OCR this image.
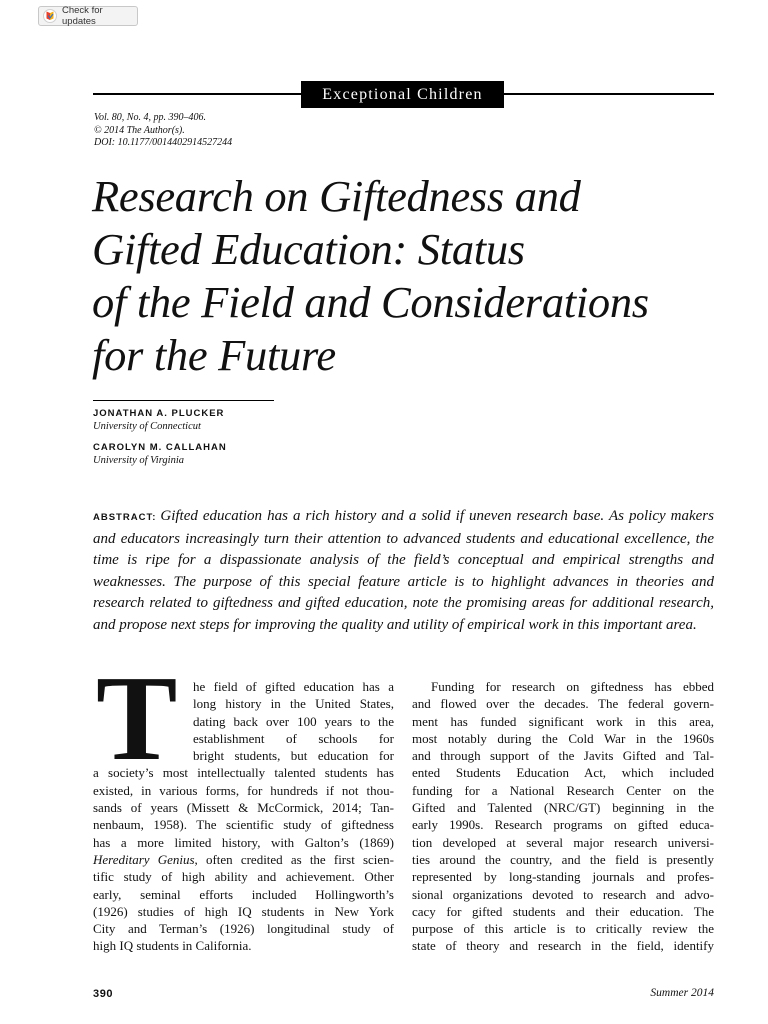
Check for updates
Exceptional Children
Vol. 80, No. 4, pp. 390–406.
© 2014 The Author(s).
DOI: 10.1177/0014402914527244
Research on Giftedness and
Gifted Education: Status
of the Field and Considerations
for the Future
JONATHAN A. PLUCKER
University of Connecticut
CAROLYN M. CALLAHAN
University of Virginia
ABSTRACT: Gifted education has a rich history and a solid if uneven research base. As policy makers and educators increasingly turn their attention to advanced students and educational excellence, the time is ripe for a dispassionate analysis of the field’s conceptual and empirical strengths and weaknesses. The purpose of this special feature article is to highlight advances in theories and research related to giftedness and gifted education, note the promising areas for additional research, and propose next steps for improving the quality and utility of empirical work in this important area.
T	he field of gifted education has a
long history in the United States,
dating back over 100 years to the
establishment of schools for
bright students, but education for
a society’s most intellectually talented students has
existed, in various forms, for hundreds if not thou-
sands of years (Missett & McCormick, 2014; Tan-
nenbaum, 1958). The scientific study of giftedness
has a more limited history, with Galton’s (1869)
Hereditary Genius, often credited as the first scien-
tific study of high ability and achievement. Other
early, seminal efforts included Hollingworth’s
(1926) studies of high IQ students in New York
City and Terman’s (1926) longitudinal study of
high IQ students in California.
Funding for research on giftedness has ebbed
and flowed over the decades. The federal govern-
ment has funded significant work in this area,
most notably during the Cold War in the 1960s
and through support of the Javits Gifted and Tal-
ented Students Education Act, which included
funding for a National Research Center on the
Gifted and Talented (NRC/GT) beginning in the
early 1990s. Research programs on gifted educa-
tion developed at several major research universi-
ties around the country, and the field is presently
represented by long-standing journals and profes-
sional organizations devoted to research and advo-
cacy for gifted students and their education. The
purpose of this article is to critically review the
state of theory and research in the field, identify
390	Summer 2014
